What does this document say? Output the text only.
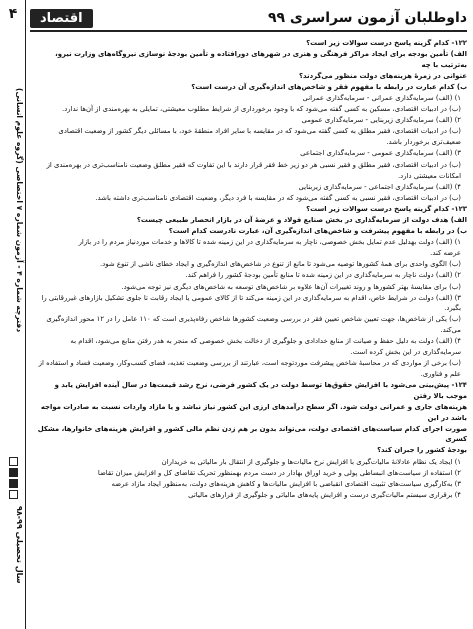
۴
دفترچه شماره ۴ - آزمون شماره ۷ اختصاصی (گروه علوم انسانی)
سال تحصیلی ۹۹-۹۸
داوطلبان آزمون سراسری ۹۹
اقتصاد
۱۲۲- کدام گزینه پاسخ درست سوالات زیر است؟
الف) تأمین بودجه برای ایجاد مراکز فرهنگی و هنری در شهرهای دورافتاده و تأمین بودجهٔ نوسازی نیروگاه‌های وزارت نیرو، به‌ترتیب با چه
عنوانی در زمرهٔ هزینه‌های دولت منظور می‌گردند؟
ب) کدام عبارت در رابطه با مفهوم فقر و شاخص‌های اندازه‌گیری آن درست است؟
۱) (الف) سرمایه‌گذاری عمرانی - سرمایه‌گذاری عمرانی
(ب) در ادبیات اقتصادی، مسکین به کسی گفته می‌شود که با وجود برخورداری از شرایط مطلوب معیشتی، تمایلی به بهره‌مندی از آن‌ها ندارد.
۲) (الف) سرمایه‌گذاری زیربنایی - سرمایه‌گذاری عمومی
(ب) در ادبیات اقتصادی، فقیر مطلق به کسی گفته می‌شود که در مقایسه با سایر افراد منطقهٔ خود، با مسائلی دیگر کشور از وضعیت اقتصادی
ضعیف‌تری برخوردار باشد.
۳) (الف) سرمایه‌گذاری عمومی - سرمایه‌گذاری اجتماعی
(ب) در ادبیات اقتصادی، فقیر مطلق و فقیر نسبی هر دو زیر خط فقر قرار دارند با این تفاوت که فقیر مطلق وضعیت نامناسب‌تری در بهره‌مندی از
امکانات معیشتی دارد.
۴) (الف) سرمایه‌گذاری اجتماعی - سرمایه‌گذاری زیربنایی
(ب) در ادبیات اقتصادی، فقیر نسبی به کسی گفته می‌شود که در مقایسه با فرد دیگر، وضعیت اقتصادی نامناسب‌تری داشته باشد.
۱۲۳- کدام گزینه پاسخ درست سوالات زیر است؟
الف) هدف دولت از سرمایه‌گذاری در بخش صنایع فولاد و عرضهٔ آن در بازار انحصار طبیعی چیست؟
ب) در رابطه با مفهوم پیشرفت و شاخص‌های اندازه‌گیری آن، عبارت نادرست کدام است؟
۱) (الف) دولت بهدلیل عدم تمایل بخش خصوصی، ناچار به سرمایه‌گذاری در این زمینه شده تا کالاها و خدمات موردنیاز مردم را در بازار
عرضه کند.
(ب) الگوی واحدی برای همهٔ کشورها توصیه می‌شود تا مانع از تنوع در شاخص‌های اندازه‌گیری و ایجاد خطای ناشی از تنوع شود.
۲) (الف) دولت ناچار به سرمایه‌گذاری در این زمینه شده تا منابع تأمین بودجهٔ کشور را فراهم کند.
(ب) برای مقایسهٔ بهتر کشورها و روند تغییرات آن‌ها علاوه بر شاخص‌های توسعه به شاخص‌های دیگری نیز توجه می‌شود.
۳) (الف) دولت در شرایط خاص، اقدام به سرمایه‌گذاری در این زمینه می‌کند تا از کالای عمومی یا ایجاد رقابت تا جلوی تشکیل بازارهای غیررقابتی را بگیرد.
(ب) یکی از شاخص‌ها، جهت تعیین شاخص تعیین فقر در بررسی وضعیت کشورها شاخص رفاه‌پذیری است که ۱۱۰ عامل را در ۱۲ محور اندازه‌گیری می‌کند.
۴) (الف) دولت به دلیل حفظ و صیانت از منابع خدادادی و جلوگیری از دخالت بخش خصوصی که منجر به هدر رفتن منابع می‌شود، اقدام به
سرمایه‌گذاری در این بخش کرده است.
(ب) برخی از مواردی که در محاسبهٔ شاخص پیشرفت موردتوجه است، عبارتند از بررسی وضعیت تغذیه، فضای کسب‌وکار، وضعیت فساد و استفاده از
علم و فناوری.
۱۲۴- پیش‌بینی می‌شود با افزایش حقوق‌ها توسط دولت در یک کشور فرضی، نرخ رشد قیمت‌ها در سال آینده افزایش یابد و موجب بالا رفتن
هزینه‌های جاری و عمرانی دولت شود. اگر سطح درآمدهای ارزی این کشور نیاز نباشد و یا مازاد واردات نسبت به صادرات مواجه باشد در این
صورت اجرای کدام سیاست‌های اقتصادی دولت، می‌تواند بدون بر هم زدن نظم مالی کشور و افزایش هزینه‌های خانوارها، مشکل کسری
بودجهٔ کشور را جبران کند؟
۱) ایجاد یک نظام عادلانهٔ مالیات‌گیری با افزایش نرخ مالیات‌ها و جلوگیری از انتقال بار مالیاتی به خریداران
۲) استفاده از سیاست‌های انبساطی پولی و خرید اوراق بهادار در دست مردم بهمنظور تحریک تقاضای کل و افزایش میزان تقاضا
۳) به‌کارگیری سیاست‌های تثبیت اقتصادی انقباضی با افزایش مالیات‌ها و کاهش هزینه‌های دولت، به‌منظور ایجاد مازاد عرضه
۴) برقراری سیستم مالیات‌گیری درست و افزایش پایه‌های مالیاتی و جلوگیری از فرارهای مالیاتی
